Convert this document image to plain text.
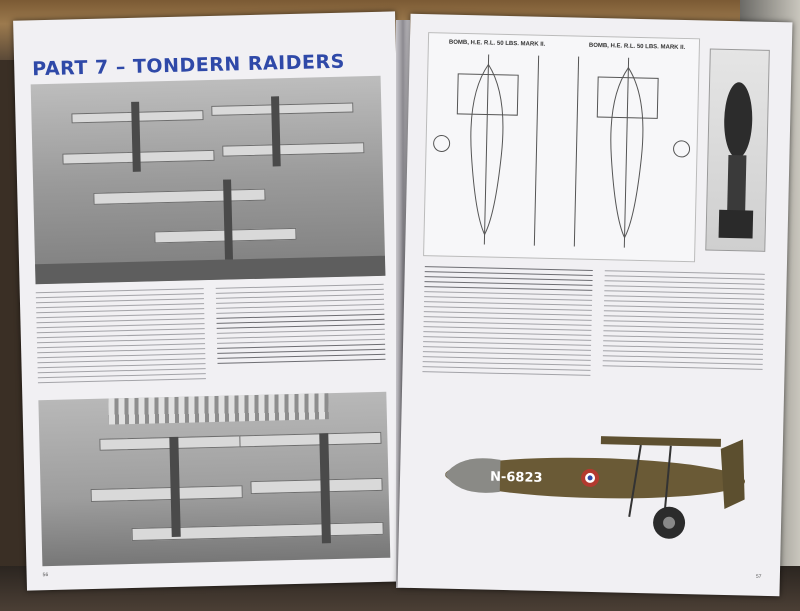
PART 7 – TONDERN RAIDERS
56
BOMB, H.E. R.L. 50 LBS. MARK II.	BOMB, H.E. R.L. 50 LBS. MARK II.
N-6823
57
